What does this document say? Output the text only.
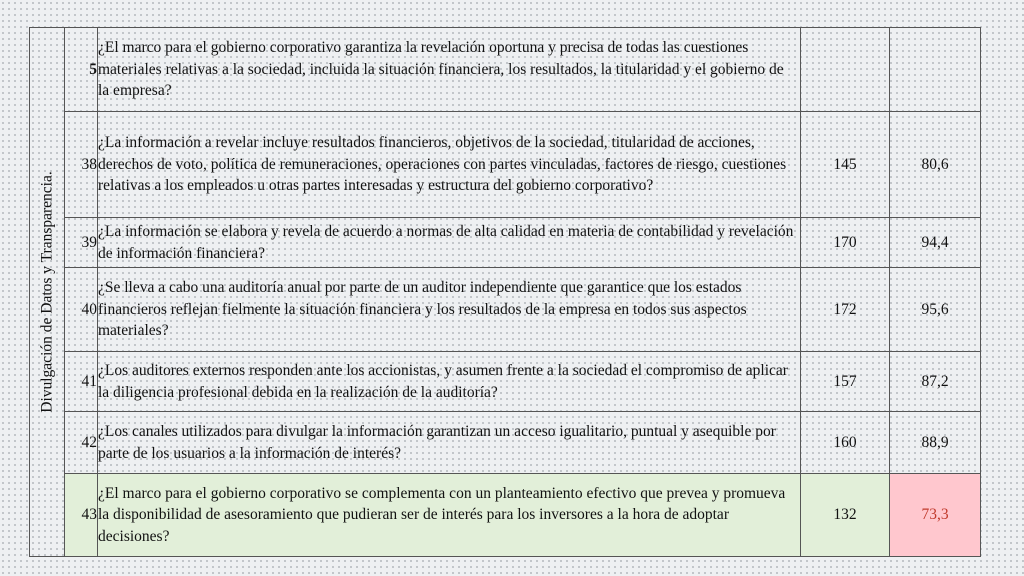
Divulgación de Datos y Transparencia.	5	¿El marco para el gobierno corporativo garantiza la revelación oportuna y precisa de todas las cuestiones materiales relativas a la sociedad, incluida la situación financiera, los resultados, la titularidad y el gobierno de la empresa?		
	38	¿La información a revelar incluye resultados financieros, objetivos de la sociedad, titularidad de acciones, derechos de voto, política de remuneraciones, operaciones con partes vinculadas, factores de riesgo, cuestiones relativas a los empleados u otras partes interesadas y estructura del gobierno corporativo?	145	80,6
	39	¿La información se elabora y revela de acuerdo a normas de alta calidad en materia de contabilidad y revelación de información financiera?	170	94,4
	40	¿Se lleva a cabo una auditoría anual por parte de un auditor independiente que garantice que los estados financieros reflejan fielmente la situación financiera y los resultados de la empresa en todos sus aspectos materiales?	172	95,6
	41	¿Los auditores externos responden ante los accionistas, y asumen frente a la sociedad el compromiso de aplicar la diligencia profesional debida en la realización de la auditoría?	157	87,2
	42	¿Los canales utilizados para divulgar la información garantizan un acceso igualitario, puntual y asequible por parte de los usuarios a la información de interés?	160	88,9
	43	¿El marco para el gobierno corporativo se complementa con un planteamiento efectivo que prevea y promueva la disponibilidad de asesoramiento que pudieran ser de interés para los inversores a la hora de adoptar decisiones?	132	73,3
